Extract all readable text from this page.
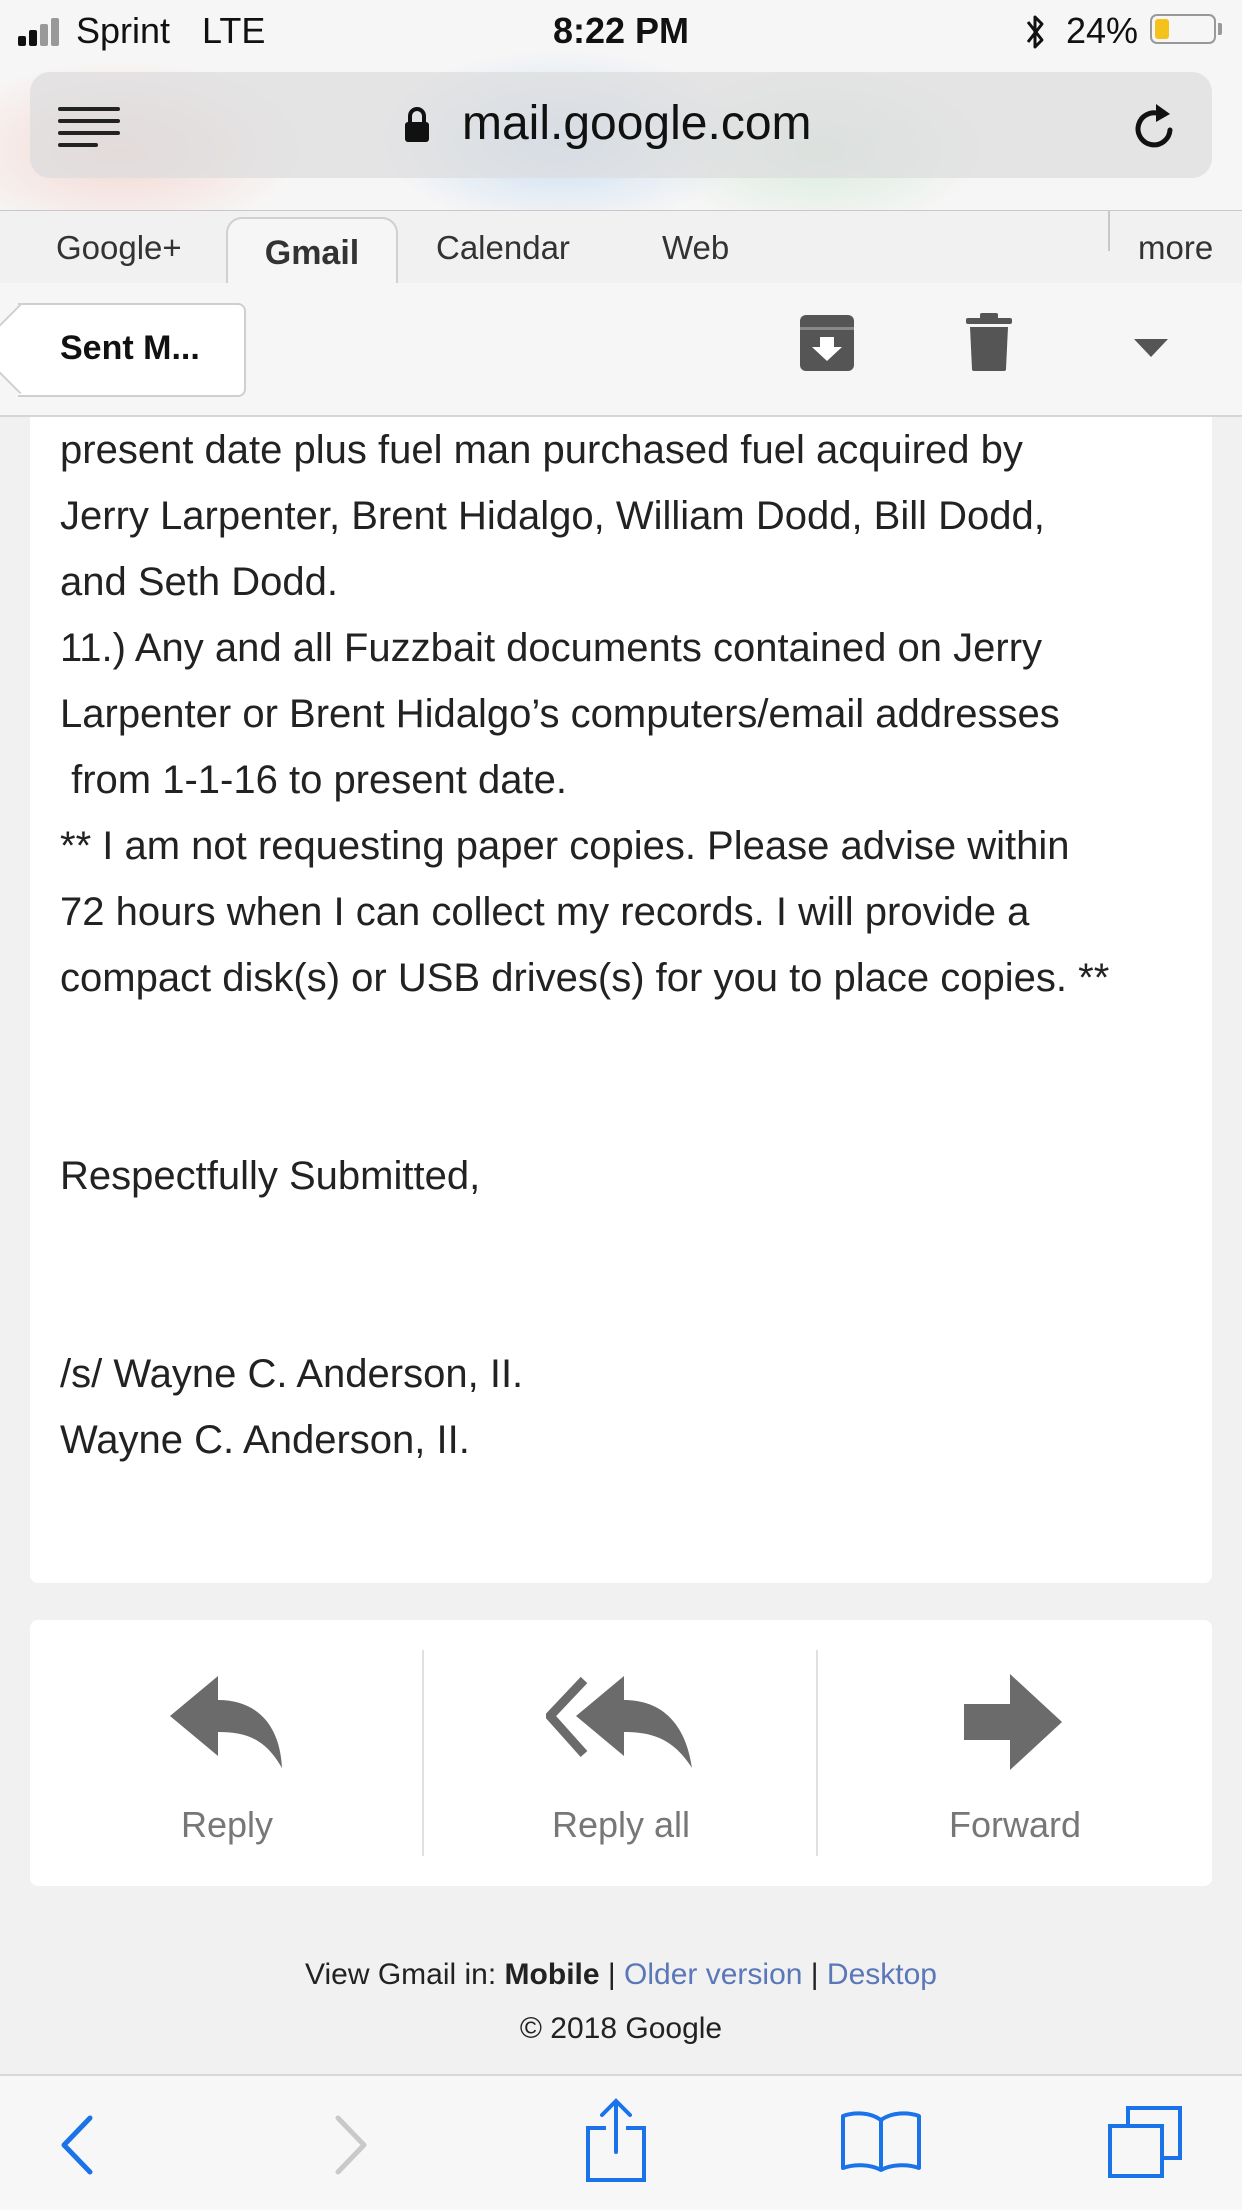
Sprint LTE	8:22 PM	24%
mail.google.com
Google+	Gmail	Calendar	Web	more
Sent M...
present date plus fuel man purchased fuel acquired by
Jerry Larpenter, Brent Hidalgo, William Dodd, Bill Dodd,
and Seth Dodd.
11.) Any and all Fuzzbait documents contained on Jerry
Larpenter or Brent Hidalgo’s computers/email addresses
from 1-1-16 to present date.
** I am not requesting paper copies. Please advise within
72 hours when I can collect my records. I will provide a
compact disk(s) or USB drives(s) for you to place copies. **
Respectfully Submitted,
/s/ Wayne C. Anderson, II.
Wayne C. Anderson, II.
Reply	Reply all	Forward
View Gmail in: Mobile | Older version | Desktop
© 2018 Google
